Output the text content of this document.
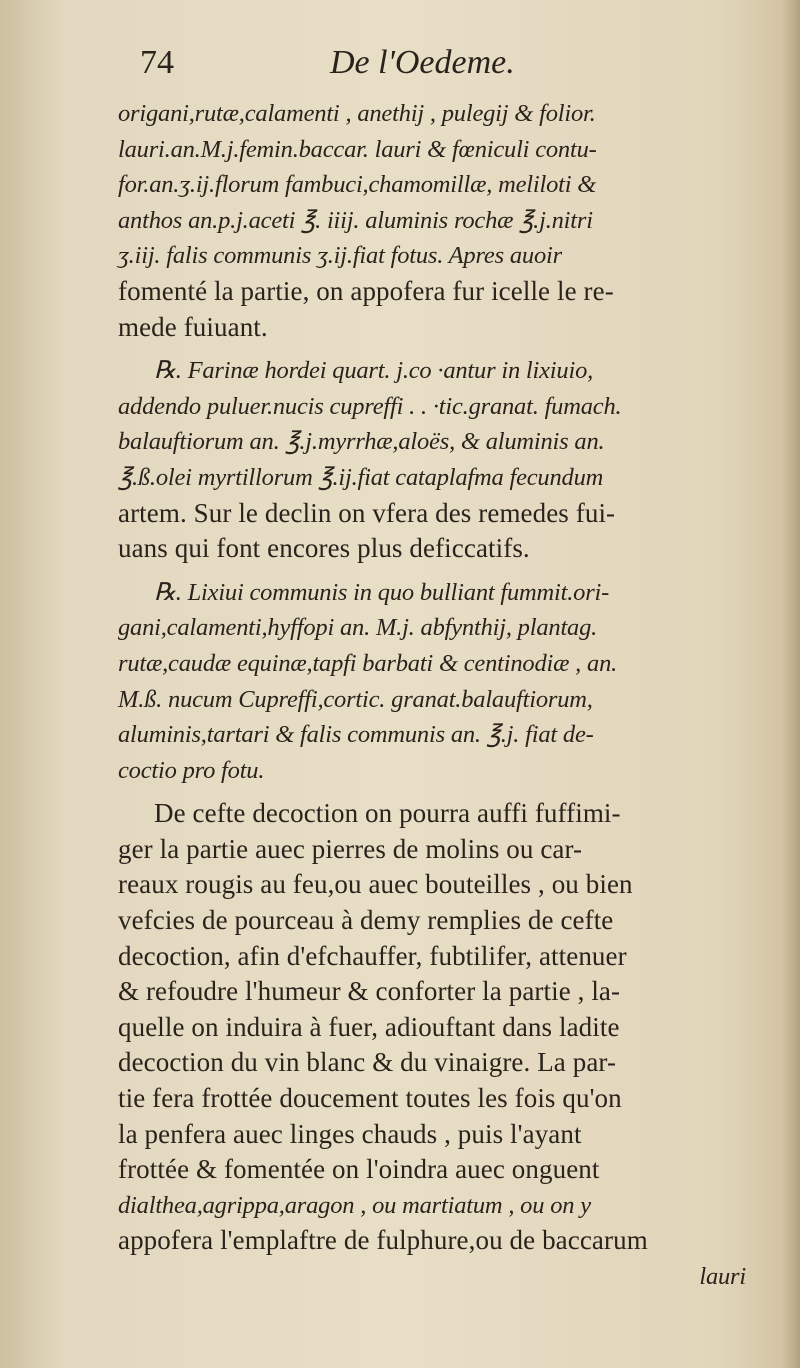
74	De l'Oedeme.
origani,rutæ,calamenti , anethij , pulegij & folior.
lauri.an.M.j.femin.baccar. lauri & fœniculi contu-
for.an.ʒ.ij.florum fambuci,chamomillæ, meliloti &
anthos an.p.j.aceti ℥. iiij. aluminis rochæ ℥.j.nitri
ʒ.iij. falis communis ʒ.ij.fiat fotus. Apres auoir
fomenté la partie, on appofera fur icelle le re-
mede fuiuant.
℞. Farinæ hordei quart. j.co ·antur in lixiuio,
addendo puluer.nucis cupreffi . . ·tic.granat. fumach.
balauftiorum an. ℥.j.myrrhæ,aloës, & aluminis an.
℥.ß.olei myrtillorum ℥.ij.fiat cataplafma fecundum
artem. Sur le declin on vfera des remedes fui-
uans qui font encores plus deficcatifs.
℞. Lixiui communis in quo bulliant fummit.ori-
gani,calamenti,hyffopi an. M.j. abfynthij, plantag.
rutæ,caudæ equinæ,tapfi barbati & centinodiæ , an.
M.ß. nucum Cupreffi,cortic. granat.balauftiorum,
aluminis,tartari & falis communis an. ℥.j. fiat de-
coctio pro fotu.
De cefte decoction on pourra auffi fuffimi-
ger la partie auec pierres de molins ou car-
reaux rougis au feu,ou auec bouteilles , ou bien
vefcies de pourceau à demy remplies de cefte
decoction, afin d'efchauffer, fubtilifer, attenuer
& refoudre l'humeur & conforter la partie , la-
quelle on induira à fuer, adiouftant dans ladite
decoction du vin blanc & du vinaigre. La par-
tie fera frottée doucement toutes les fois qu'on
la penfera auec linges chauds , puis l'ayant
frottée & fomentée on l'oindra auec onguent
dialthea,agrippa,aragon , ou martiatum , ou on y
appofera l'emplaftre de fulphure,ou de baccarum
lauri
